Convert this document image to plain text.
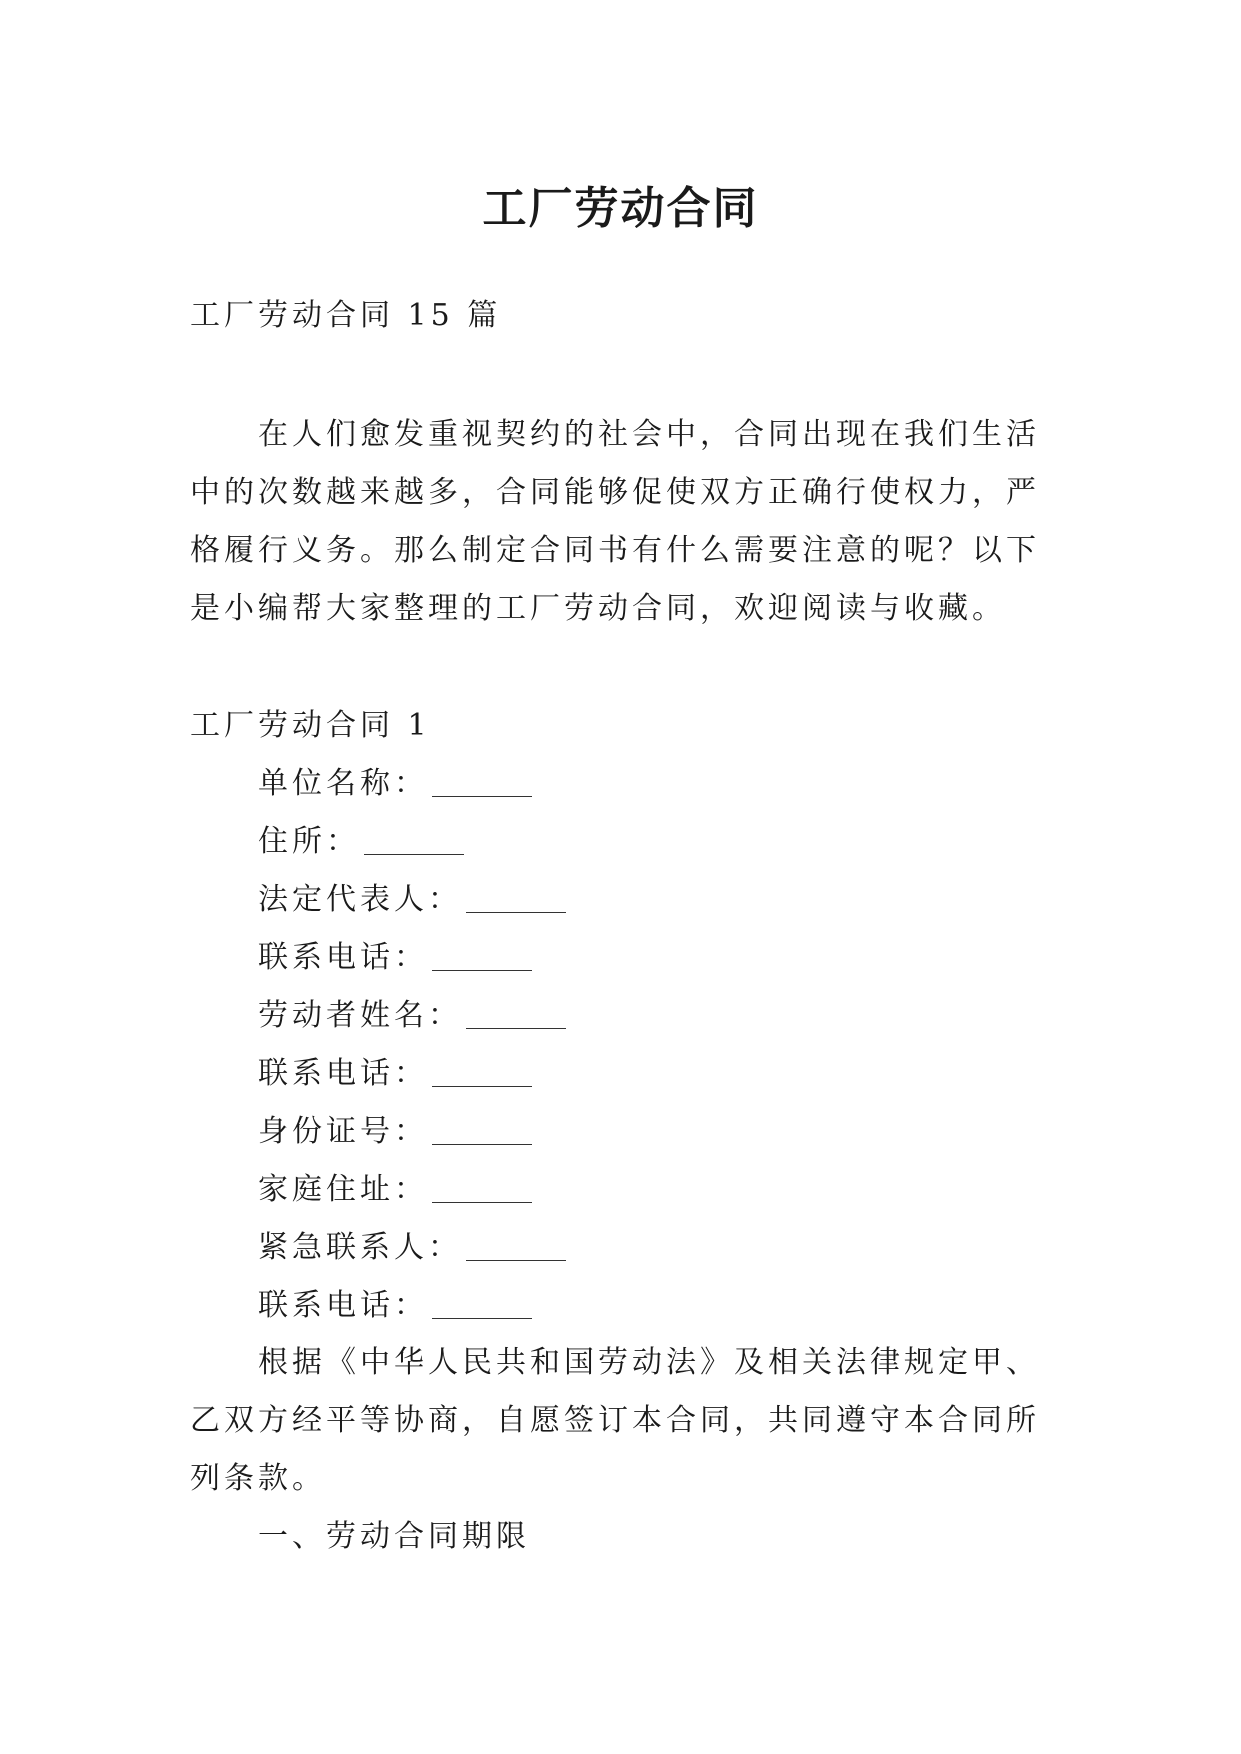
工厂劳动合同

工厂劳动合同 15 篇

在人们愈发重视契约的社会中，合同出现在我们生活中的次数越来越多，合同能够促使双方正确行使权力，严格履行义务。那么制定合同书有什么需要注意的呢？以下是小编帮大家整理的工厂劳动合同，欢迎阅读与收藏。

工厂劳动合同 1

单位名称：
住所：
法定代表人：
联系电话：
劳动者姓名：
联系电话：
身份证号：
家庭住址：
紧急联系人：
联系电话：

根据《中华人民共和国劳动法》及相关法律规定甲、乙双方经平等协商，自愿签订本合同，共同遵守本合同所列条款。

一、劳动合同期限
